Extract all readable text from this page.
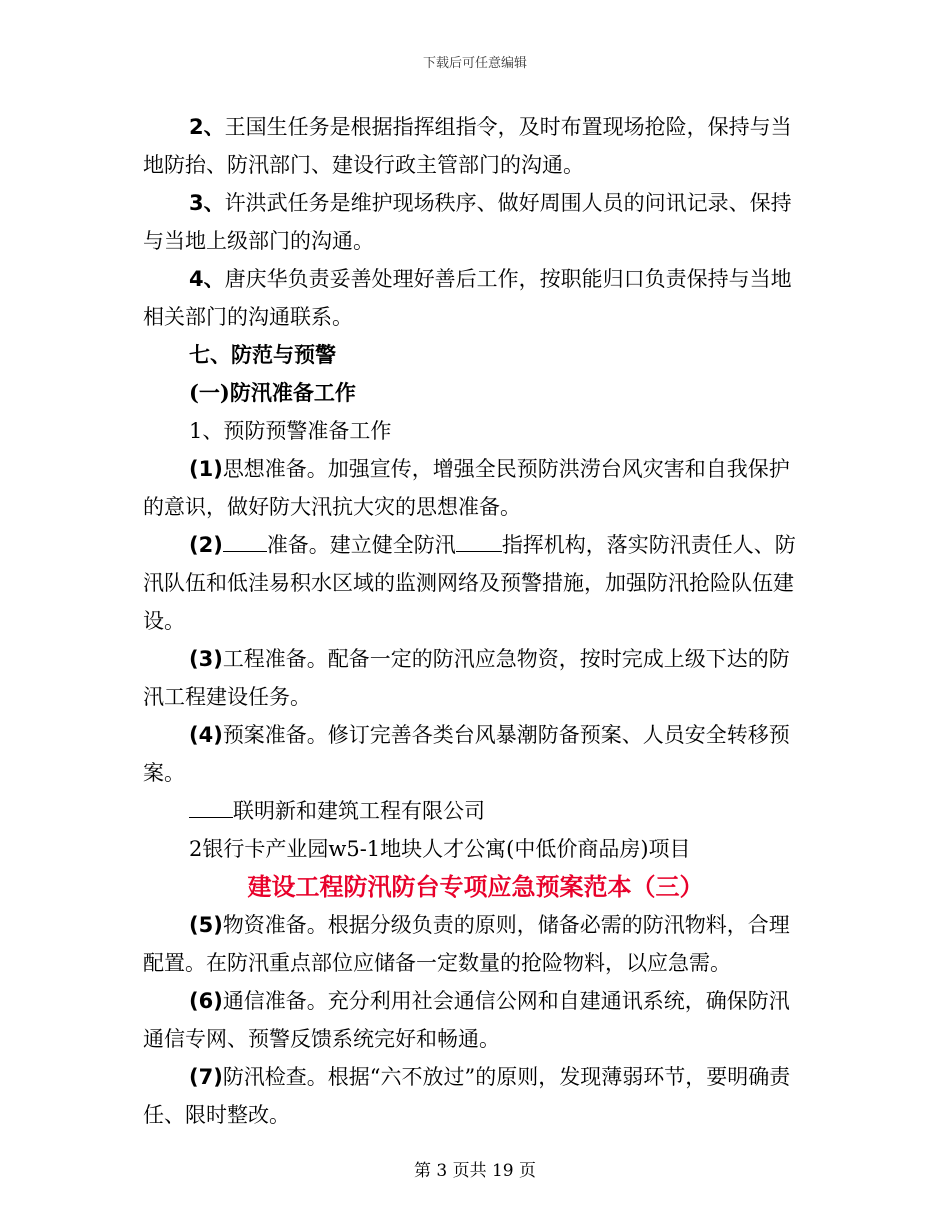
下载后可任意编辑
2、王国生任务是根据指挥组指令，及时布置现场抢险，保持与当地防抬、防汛部门、建设行政主管部门的沟通。
3、许洪武任务是维护现场秩序、做好周围人员的问讯记录、保持与当地上级部门的沟通。
4、唐庆华负责妥善处理好善后工作，按职能归口负责保持与当地相关部门的沟通联系。
七、防范与预警
(一)防汛准备工作
1、预防预警准备工作
(1)思想准备。加强宣传，增强全民预防洪涝台风灾害和自我保护的意识，做好防大汛抗大灾的思想准备。
(2) 准备。建立健全防汛 指挥机构，落实防汛责任人、防汛队伍和低洼易积水区域的监测网络及预警措施，加强防汛抢险队伍建设。
(3)工程准备。配备一定的防汛应急物资，按时完成上级下达的防汛工程建设任务。
(4)预案准备。修订完善各类台风暴潮防备预案、人员安全转移预案。
联明新和建筑工程有限公司
2银行卡产业园w5-1地块人才公寓(中低价商品房)项目
建设工程防汛防台专项应急预案范本（三）
(5)物资准备。根据分级负责的原则，储备必需的防汛物料，合理配置。在防汛重点部位应储备一定数量的抢险物料，以应急需。
(6)通信准备。充分利用社会通信公网和自建通讯系统，确保防汛通信专网、预警反馈系统完好和畅通。
(7)防汛检查。根据“六不放过”的原则，发现薄弱环节，要明确责任、限时整改。
第 3 页共 19 页
